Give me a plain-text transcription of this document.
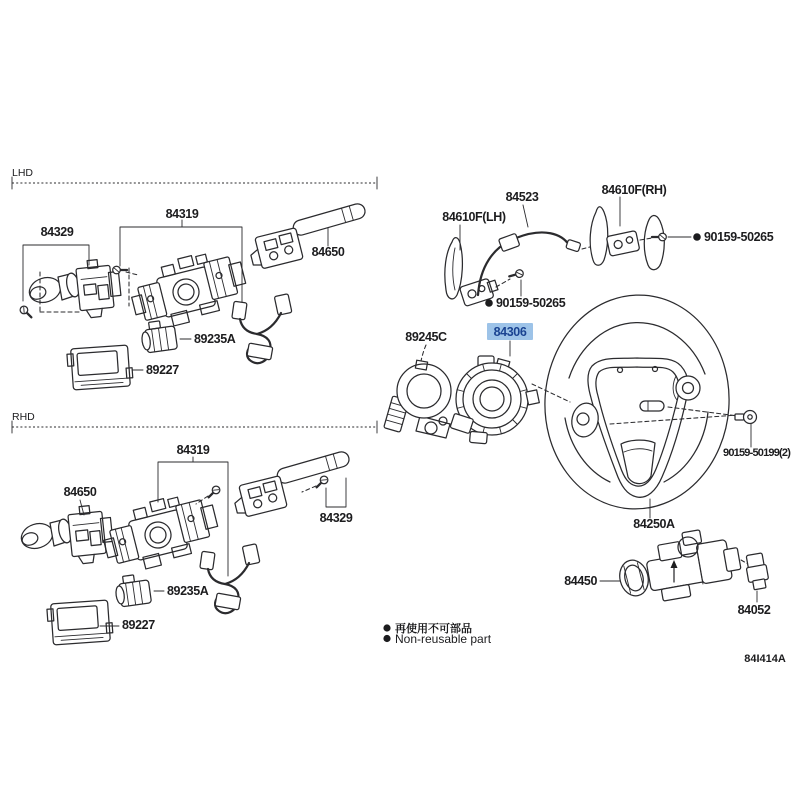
LHD
84329
84319
84650
89235A
89227
84610F(LH)
84523	84610F(RH)
90159-50265
90159-50265
89245C	84306
84250A
90159-50199(2)
RHD
84650
84319
84329
89235A
89227
84450
84052
再使用不可部品
Non-reusable part
84I414A
